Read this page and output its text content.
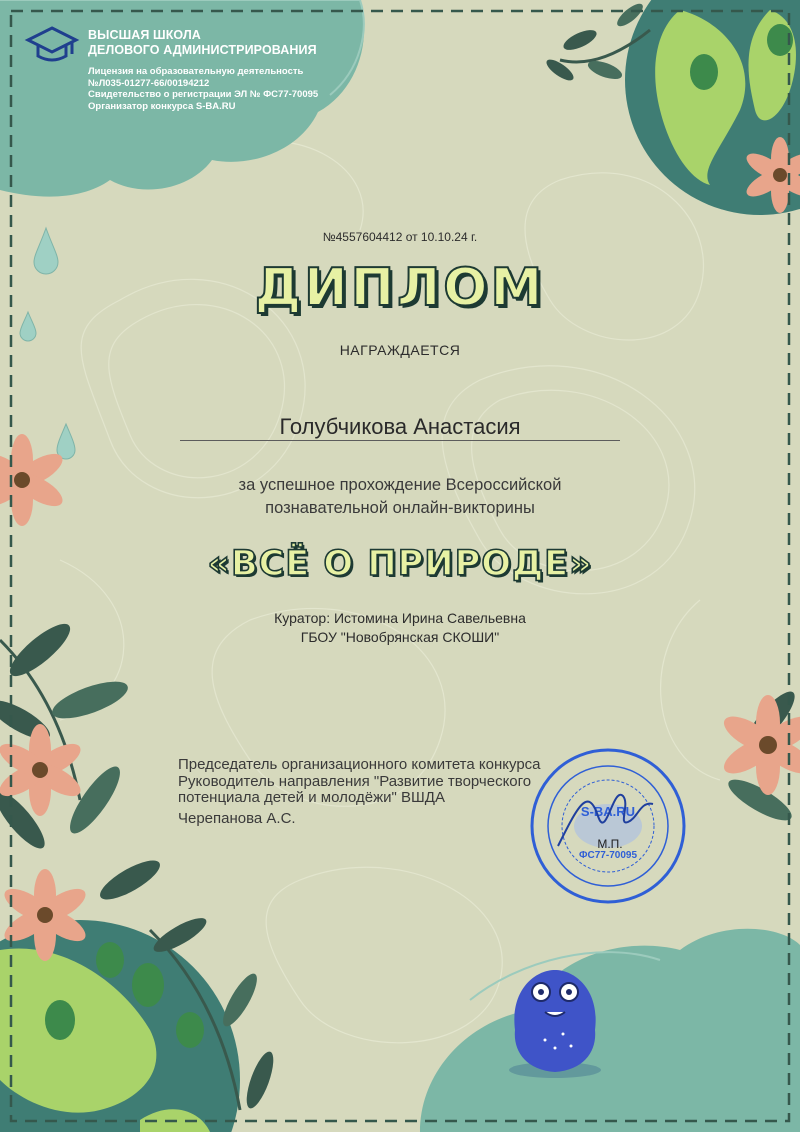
ВЫСШАЯ ШКОЛА
ДЕЛОВОГО АДМИНИСТРИРОВАНИЯ
Лицензия на образовательную деятельность
№Л035-01277-66/00194212
Свидетельство о регистрации ЭЛ № ФС77-70095
Организатор конкурса S-BA.RU
№4557604412 от 10.10.24 г.
ДИПЛОМ
НАГРАЖДАЕТСЯ
Голубчикова Анастасия
за успешное прохождение Всероссийской
познавательной онлайн-викторины
«ВСЁ О ПРИРОДЕ»
Куратор: Истомина Ирина Савельевна
ГБОУ "Новобрянская СКОШИ"
Председатель организационного комитета конкурса
Руководитель направления "Развитие творческого
потенциала детей и молодёжи" ВШДА
Черепанова А.С.	S-BA.RU
ФС77-70095
М.П.
